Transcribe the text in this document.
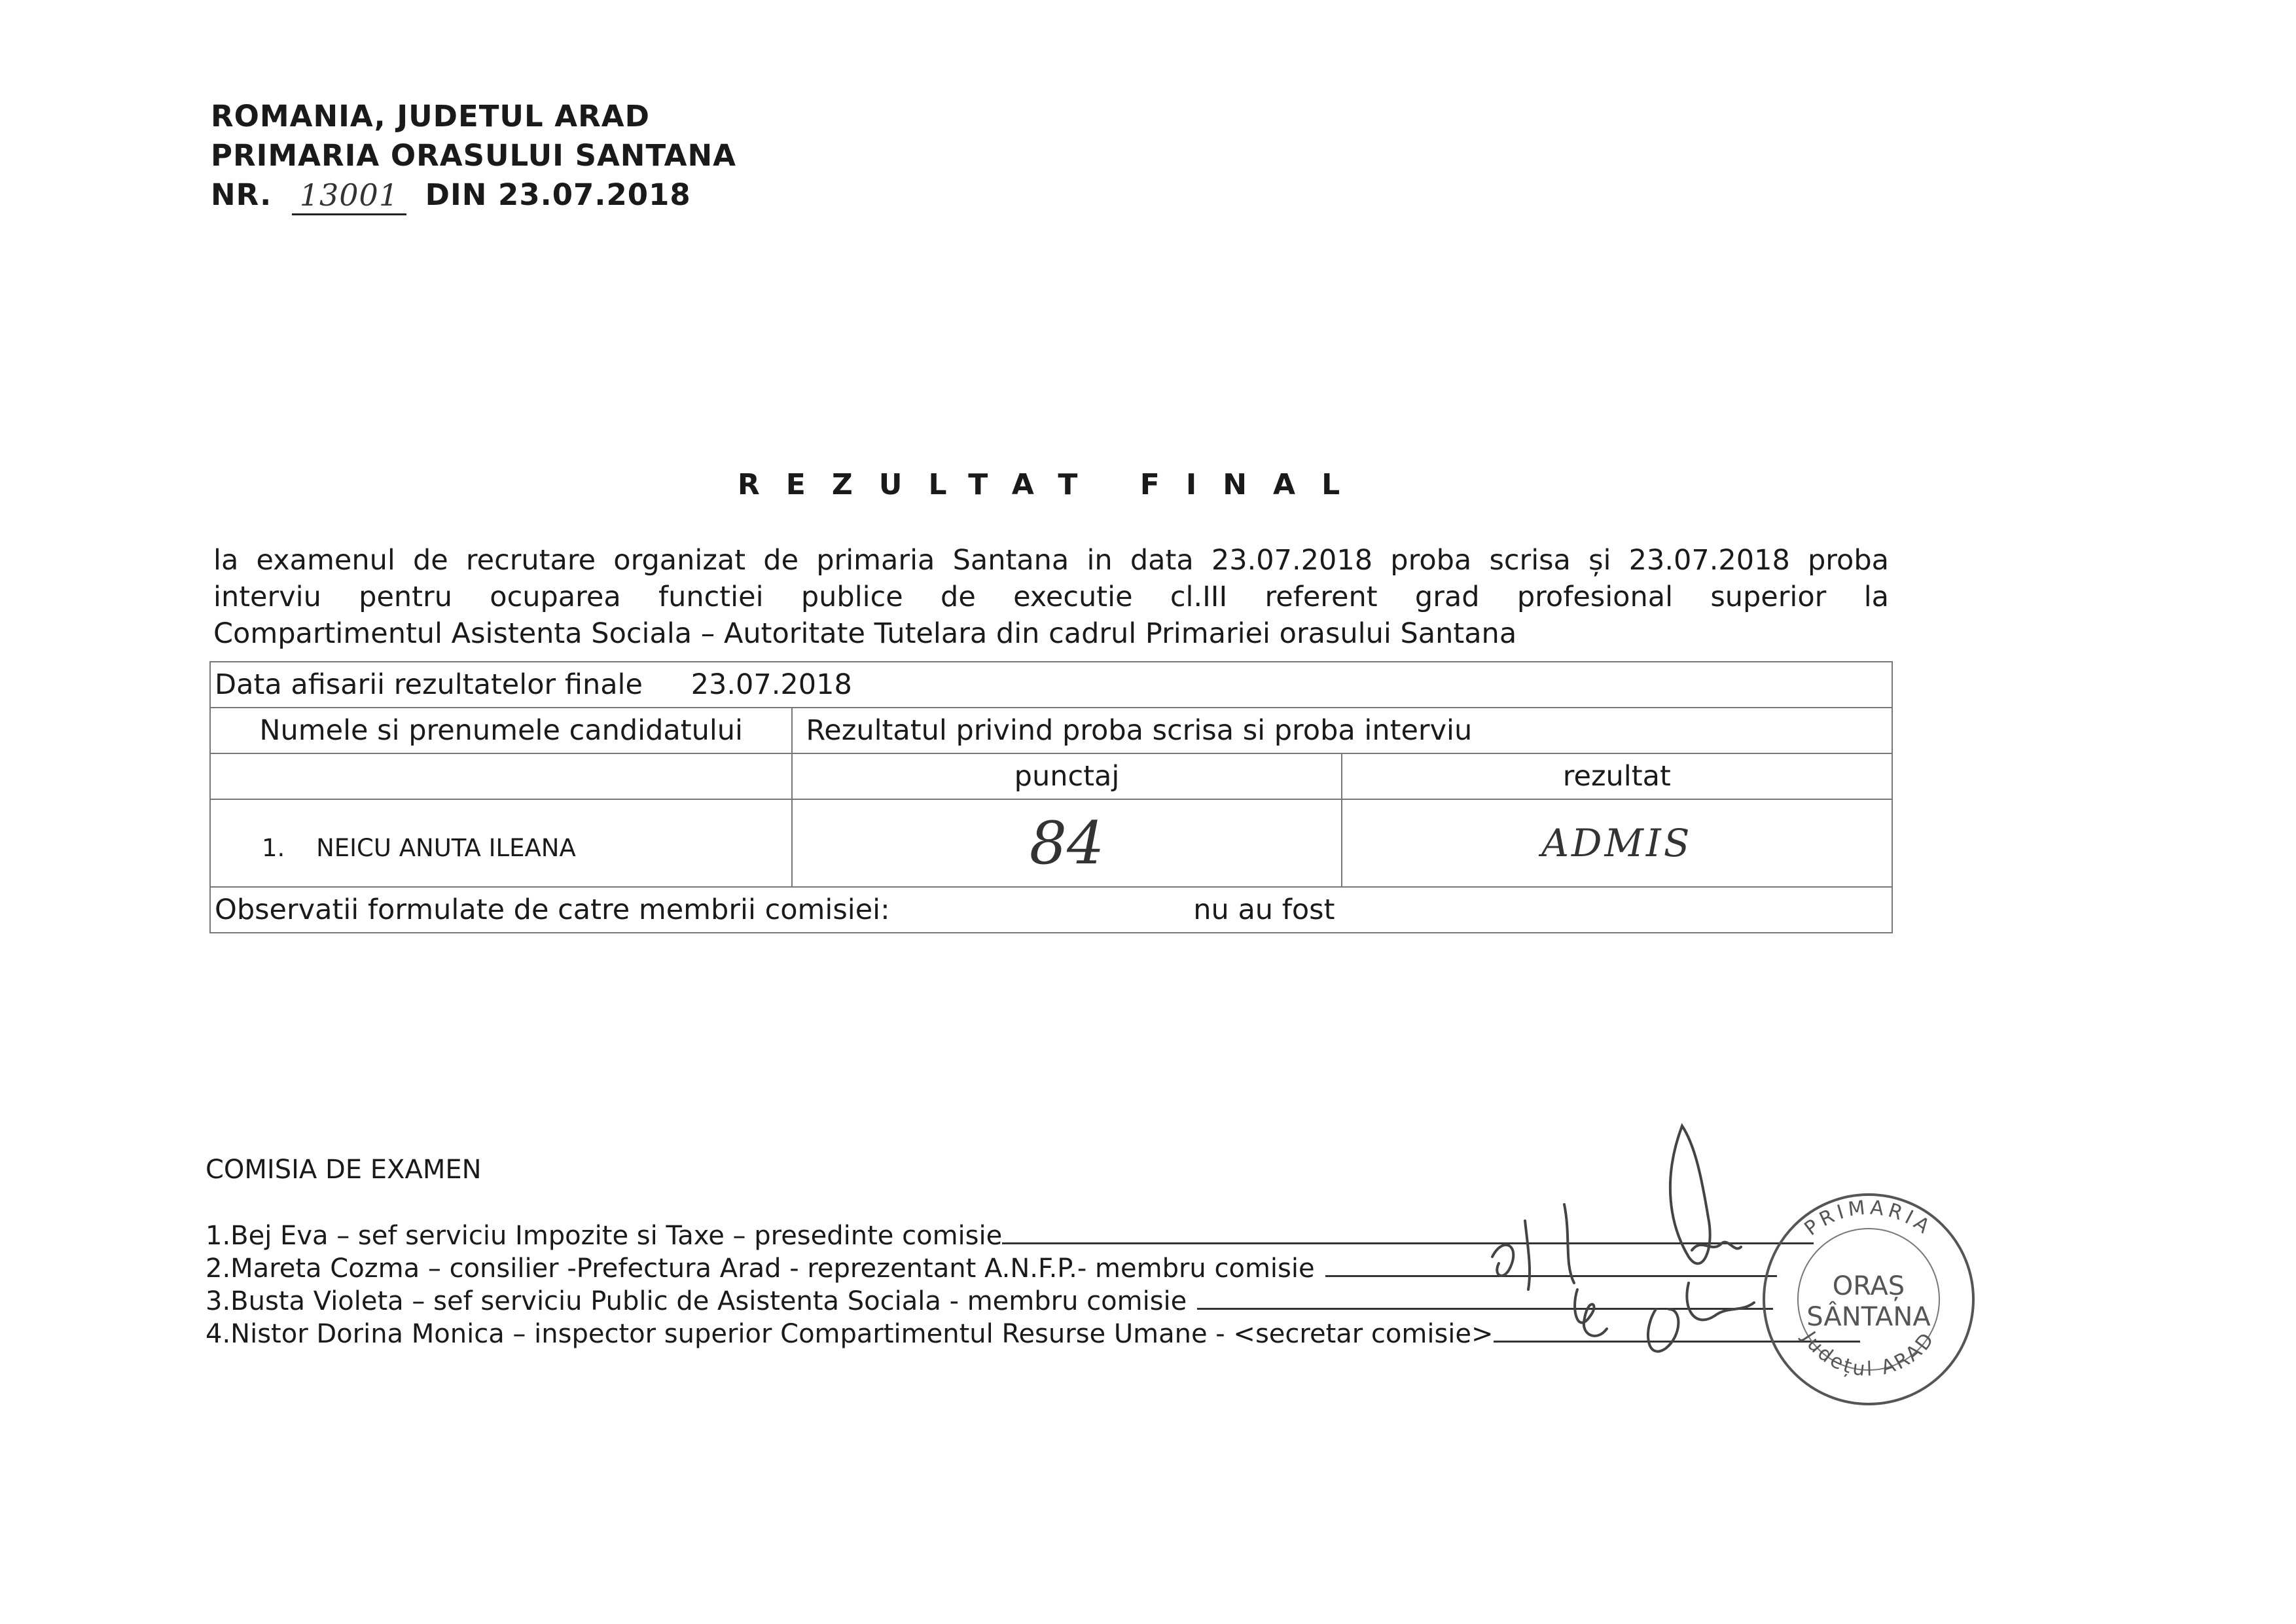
ROMANIA, JUDETUL ARAD
PRIMARIA ORASULUI SANTANA
NR. 13001 DIN 23.07.2018
REZULTAT FINAL
la examenul de recrutare organizat de primaria Santana in data 23.07.2018 proba scrisa și 23.07.2018 proba
interviu pentru ocuparea functiei publice de executie cl.III referent grad profesional superior la
Compartimentul Asistenta Sociala – Autoritate Tutelara din cadrul Primariei orasului Santana
Data afisarii rezultatelor finale 23.07.2018		
Numele si prenumele candidatului	Rezultatul privind proba scrisa si proba interviu	
	punctaj	rezultat
1. NEICU ANUTA ILEANA	84	ADMIS
Observatii formulate de catre membrii comisiei: nu au fost		
COMISIA DE EXAMEN
1.Bej Eva – sef serviciu Impozite si Taxe – presedinte comisie
2.Mareta Cozma – consilier -Prefectura Arad - reprezentant A.N.F.P.- membru comisie
3.Busta Violeta – sef serviciu Public de Asistenta Sociala - membru comisie
4.Nistor Dorina Monica – inspector superior Compartimentul Resurse Umane - <secretar comisie>
PRIMARIA
ORAȘ
SÂNTANA
Județul ARAD
